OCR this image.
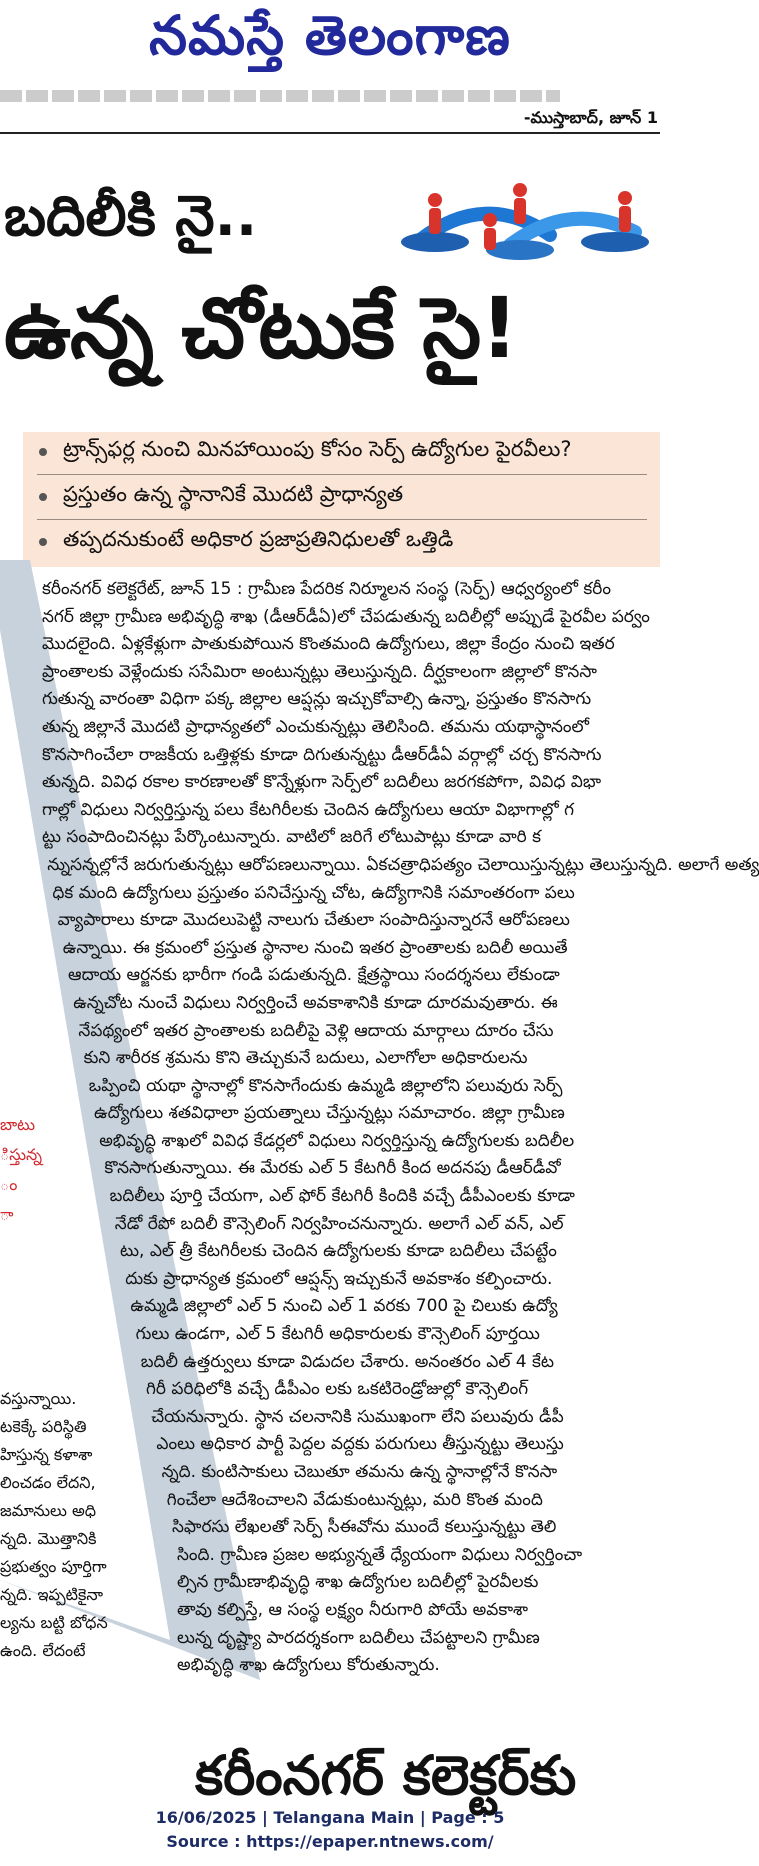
నమస్తే తెలంగాణ
-ముస్తాబాద్, జూన్ 1
బదిలీకి నై..
ఉన్న చోటుకే సై!
ట్రాన్స్‌ఫర్ల నుంచి మినహాయింపు కోసం సెర్ప్ ఉద్యోగుల పైరవీలు?
ప్రస్తుతం ఉన్న స్థానానికే మొదటి ప్రాధాన్యత
తప్పదనుకుంటే అధికార ప్రజాప్రతినిధులతో ఒత్తిడి
బాటు
ిస్తున్న
ం
ా
వస్తున్నాయి.
టకెక్కే పరిస్థితి
హిస్తున్న కళాశా
లించడం లేదని,
జమానులు అధి
న్నది. మొత్తానికి
ప్రభుత్వం పూర్తిగా
న్నది. ఇప్పటికైనా
ల్యను బట్టి బోధన
ఉంది. లేదంటే
కరీంనగర్ కలెక్టరేట్, జూన్ 15 : గ్రామీణ పేదరిక నిర్మూలన సంస్థ (సెర్ప్) ఆధ్వర్యంలో కరీం
నగర్ జిల్లా గ్రామీణ అభివృద్ధి శాఖ (డీఆర్‌డీఏ)లో చేపడుతున్న బదిలీల్లో అప్పుడే పైరవీల పర్వం
మొదలైంది. ఏళ్లకేళ్లుగా పాతుకుపోయిన కొంతమంది ఉద్యోగులు, జిల్లా కేంద్రం నుంచి ఇతర
ప్రాంతాలకు వెళ్లేందుకు ససేమిరా అంటున్నట్లు తెలుస్తున్నది. దీర్ఘకాలంగా జిల్లాలో కొనసా
గుతున్న వారంతా విధిగా పక్క జిల్లాల ఆప్షన్లు ఇచ్చుకోవాల్సి ఉన్నా, ప్రస్తుతం కొనసాగు
తున్న జిల్లానే మొదటి ప్రాధాన్యతలో ఎంచుకున్నట్లు తెలిసింది. తమను యథాస్థానంలో
కొనసాగించేలా రాజకీయ ఒత్తిళ్లకు కూడా దిగుతున్నట్టు డీఆర్‌డీఏ వర్గాల్లో చర్చ కొనసాగు
తున్నది. వివిధ రకాల కారణాలతో కొన్నేళ్లుగా సెర్ప్‌లో బదిలీలు జరగకపోగా, వివిధ విభా
గాల్లో విధులు నిర్వర్తిస్తున్న పలు కేటగిరీలకు చెందిన ఉద్యోగులు ఆయా విభాగాల్లో గ
ట్టు సంపాదించినట్లు పేర్కొంటున్నారు. వాటిలో జరిగే లోటుపాట్లు కూడా వారి క
న్నుసన్నల్లోనే జరుగుతున్నట్లు ఆరోపణలున్నాయి. ఏకచత్రాధిపత్యం చెలాయిస్తున్నట్లు తెలుస్తున్నది. అలాగే అత్య
ధిక మంది ఉద్యోగులు ప్రస్తుతం పనిచేస్తున్న చోట, ఉద్యోగానికి సమాంతరంగా పలు
వ్యాపారాలు కూడా మొదలుపెట్టి నాలుగు చేతులా సంపాదిస్తున్నారనే ఆరోపణలు
ఉన్నాయి. ఈ క్రమంలో ప్రస్తుత స్థానాల నుంచి ఇతర ప్రాంతాలకు బదిలీ అయితే
ఆదాయ ఆర్జనకు భారీగా గండి పడుతున్నది. క్షేత్రస్థాయి సందర్శనలు లేకుండా
ఉన్నచోట నుంచే విధులు నిర్వర్తించే అవకాశానికి కూడా దూరమవుతారు. ఈ
నేపథ్యంలో ఇతర ప్రాంతాలకు బదిలీపై వెళ్లి ఆదాయ మార్గాలు దూరం చేసు
కుని శారీరక శ్రమను కొని తెచ్చుకునే బదులు, ఎలాగోలా అధికారులను
ఒప్పించి యథా స్థానాల్లో కొనసాగేందుకు ఉమ్మడి జిల్లాలోని పలువురు సెర్ప్
ఉద్యోగులు శతవిధాలా ప్రయత్నాలు చేస్తున్నట్లు సమాచారం. జిల్లా గ్రామీణ
అభివృద్ధి శాఖలో వివిధ కేడర్లలో విధులు నిర్వర్తిస్తున్న ఉద్యోగులకు బదిలీల
కొనసాగుతున్నాయి. ఈ మేరకు ఎల్ 5 కేటగిరీ కింద అదనపు డీఆర్‌డీవో
బదిలీలు పూర్తి చేయగా, ఎల్ ఫోర్ కేటగిరీ కిందికి వచ్చే డీపీఎంలకు కూడా
నేడో రేపో బదిలీ కౌన్సెలింగ్ నిర్వహించనున్నారు. అలాగే ఎల్ వన్, ఎల్
టు, ఎల్ త్రీ కేటగిరీలకు చెందిన ఉద్యోగులకు కూడా బదిలీలు చేపట్టేం
దుకు ప్రాధాన్యత క్రమంలో ఆప్షన్స్ ఇచ్చుకునే అవకాశం కల్పించారు.
ఉమ్మడి జిల్లాలో ఎల్ 5 నుంచి ఎల్ 1 వరకు 700 పై చిలుకు ఉద్యో
గులు ఉండగా, ఎల్ 5 కేటగిరీ అధికారులకు కౌన్సెలింగ్ పూర్తయి
బదిలీ ఉత్తర్వులు కూడా విడుదల చేశారు. అనంతరం ఎల్ 4 కేట
గిరీ పరిధిలోకి వచ్చే డీపీఎం లకు ఒకటిరెండ్రోజుల్లో కౌన్సెలింగ్
చేయనున్నారు. స్థాన చలనానికి సుముఖంగా లేని పలువురు డీపీ
ఎంలు అధికార పార్టీ పెద్దల వద్దకు పరుగులు తీస్తున్నట్టు తెలుస్తు
న్నది. కుంటిసాకులు చెబుతూ తమను ఉన్న స్థానాల్లోనే కొనసా
గించేలా ఆదేశించాలని వేడుకుంటున్నట్లు, మరి కొంత మంది
సిఫారసు లేఖలతో సెర్ప్ సీఈవోను ముందే కలుస్తున్నట్టు తెలి
సింది. గ్రామీణ ప్రజల అభ్యున్నతే ధ్యేయంగా విధులు నిర్వర్తించా
ల్సిన గ్రామీణాభివృద్ధి శాఖ ఉద్యోగుల బదిలీల్లో పైరవీలకు
తావు కల్పిస్తే, ఆ సంస్థ లక్ష్యం నీరుగారి పోయే అవకాశా
లున్న దృష్ట్యా పారదర్శకంగా బదిలీలు చేపట్టాలని గ్రామీణ
అభివృద్ధి శాఖ ఉద్యోగులు కోరుతున్నారు.
కరీంనగర్ కలెక్టర్‌కు
16/06/2025 | Telangana Main | Page : 5
Source : https://epaper.ntnews.com/
